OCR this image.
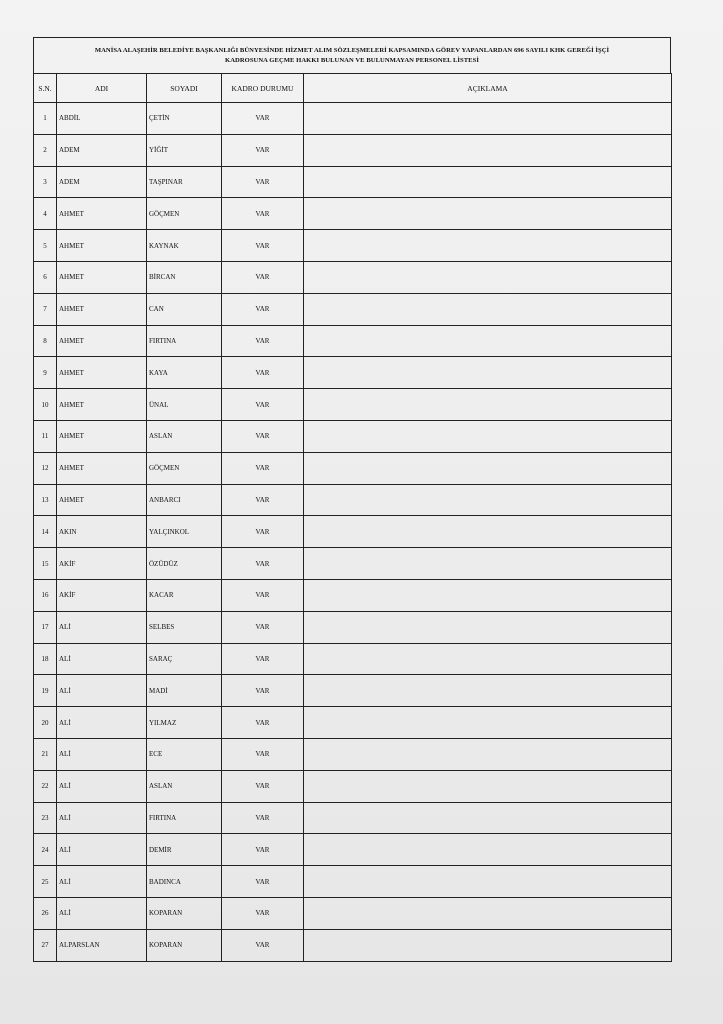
MANİSA ALAŞEHİR BELEDİYE BAŞKANLIĞI BÜNYESİNDE HİZMET ALIM SÖZLEŞMELERİ KAPSAMINDA GÖREV YAPANLARDAN 696 SAYILI KHK GEREĞİ İŞÇİ
KADROSUNA GEÇME HAKKI BULUNAN VE BULUNMAYAN PERSONEL LİSTESİ
S.N.	ADI	SOYADI	KADRO DURUMU	AÇIKLAMA
1	ABDİL	ÇETİN	VAR	
2	ADEM	YİĞİT	VAR	
3	ADEM	TAŞPINAR	VAR	
4	AHMET	GÖÇMEN	VAR	
5	AHMET	KAYNAK	VAR	
6	AHMET	BİRCAN	VAR	
7	AHMET	CAN	VAR	
8	AHMET	FIRTINA	VAR	
9	AHMET	KAYA	VAR	
10	AHMET	ÜNAL	VAR	
11	AHMET	ASLAN	VAR	
12	AHMET	GÖÇMEN	VAR	
13	AHMET	ANBARCI	VAR	
14	AKIN	YALÇINKOL	VAR	
15	AKİF	ÖZÜDÜZ	VAR	
16	AKİF	KACAR	VAR	
17	ALİ	SELBES	VAR	
18	ALİ	SARAÇ	VAR	
19	ALİ	MADİ	VAR	
20	ALİ	YILMAZ	VAR	
21	ALİ	ECE	VAR	
22	ALİ	ASLAN	VAR	
23	ALİ	FIRTINA	VAR	
24	ALİ	DEMİR	VAR	
25	ALİ	BADINCA	VAR	
26	ALİ	KOPARAN	VAR	
27	ALPARSLAN	KOPARAN	VAR	
